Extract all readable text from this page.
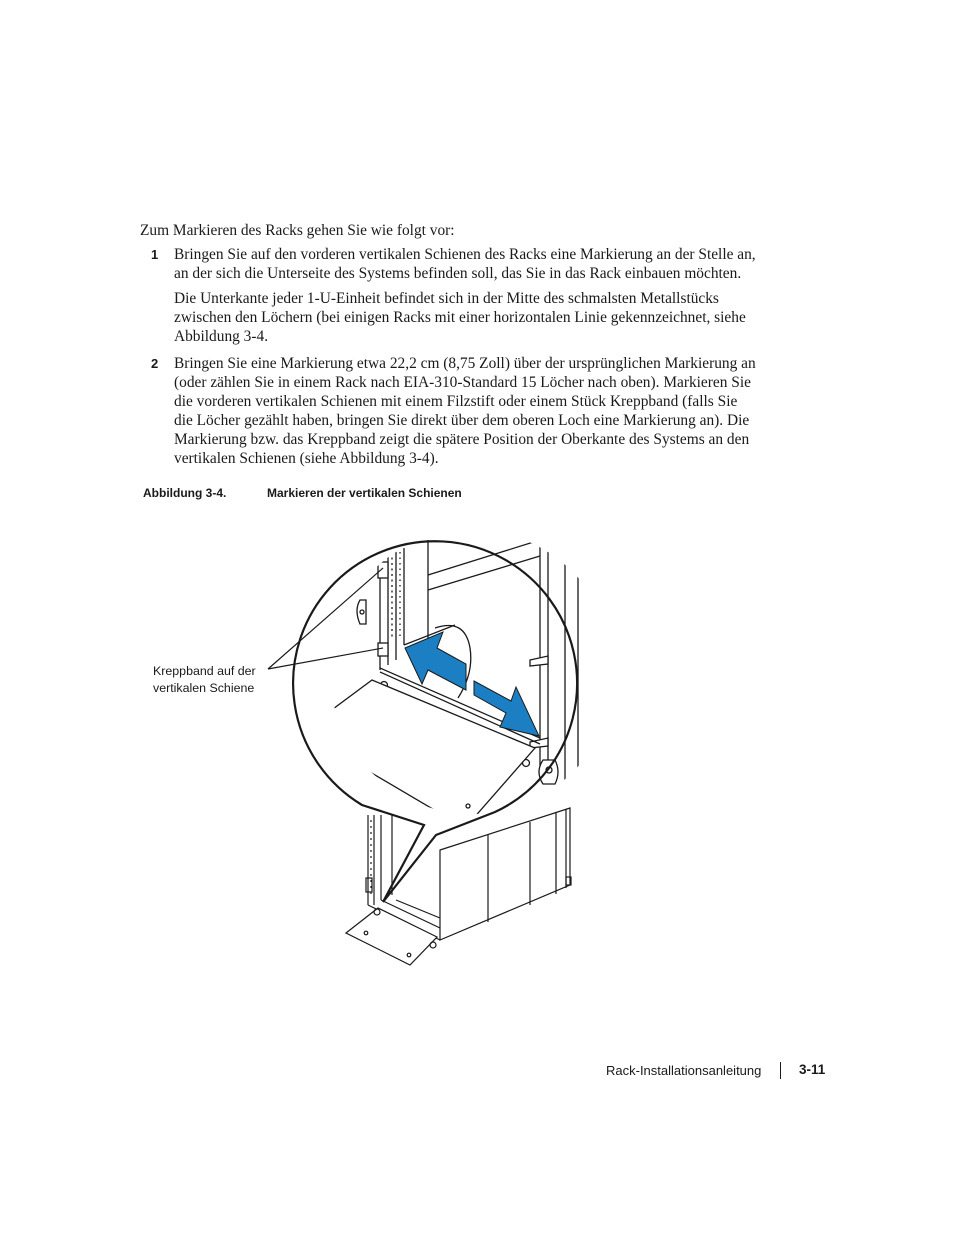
Zum Markieren des Racks gehen Sie wie folgt vor:
1 Bringen Sie auf den vorderen vertikalen Schienen des Racks eine Markierung an der Stelle an, an der sich die Unterseite des Systems befinden soll, das Sie in das Rack einbauen möchten.
Die Unterkante jeder 1-U-Einheit befindet sich in der Mitte des schmalsten Metallstücks zwischen den Löchern (bei einigen Racks mit einer horizontalen Linie gekennzeichnet, siehe Abbildung 3-4.
2 Bringen Sie eine Markierung etwa 22,2 cm (8,75 Zoll) über der ursprünglichen Markierung an (oder zählen Sie in einem Rack nach EIA-310-Standard 15 Löcher nach oben). Markieren Sie die vorderen vertikalen Schienen mit einem Filzstift oder einem Stück Kreppband (falls Sie die Löcher gezählt haben, bringen Sie direkt über dem oberen Loch eine Markierung an). Die Markierung bzw. das Kreppband zeigt die spätere Position der Oberkante des Systems an den vertikalen Schienen (siehe Abbildung 3-4).
Abbildung 3-4.	Markieren der vertikalen Schienen
Kreppband auf der
vertikalen Schiene
Rack-Installationsanleitung	3-11
